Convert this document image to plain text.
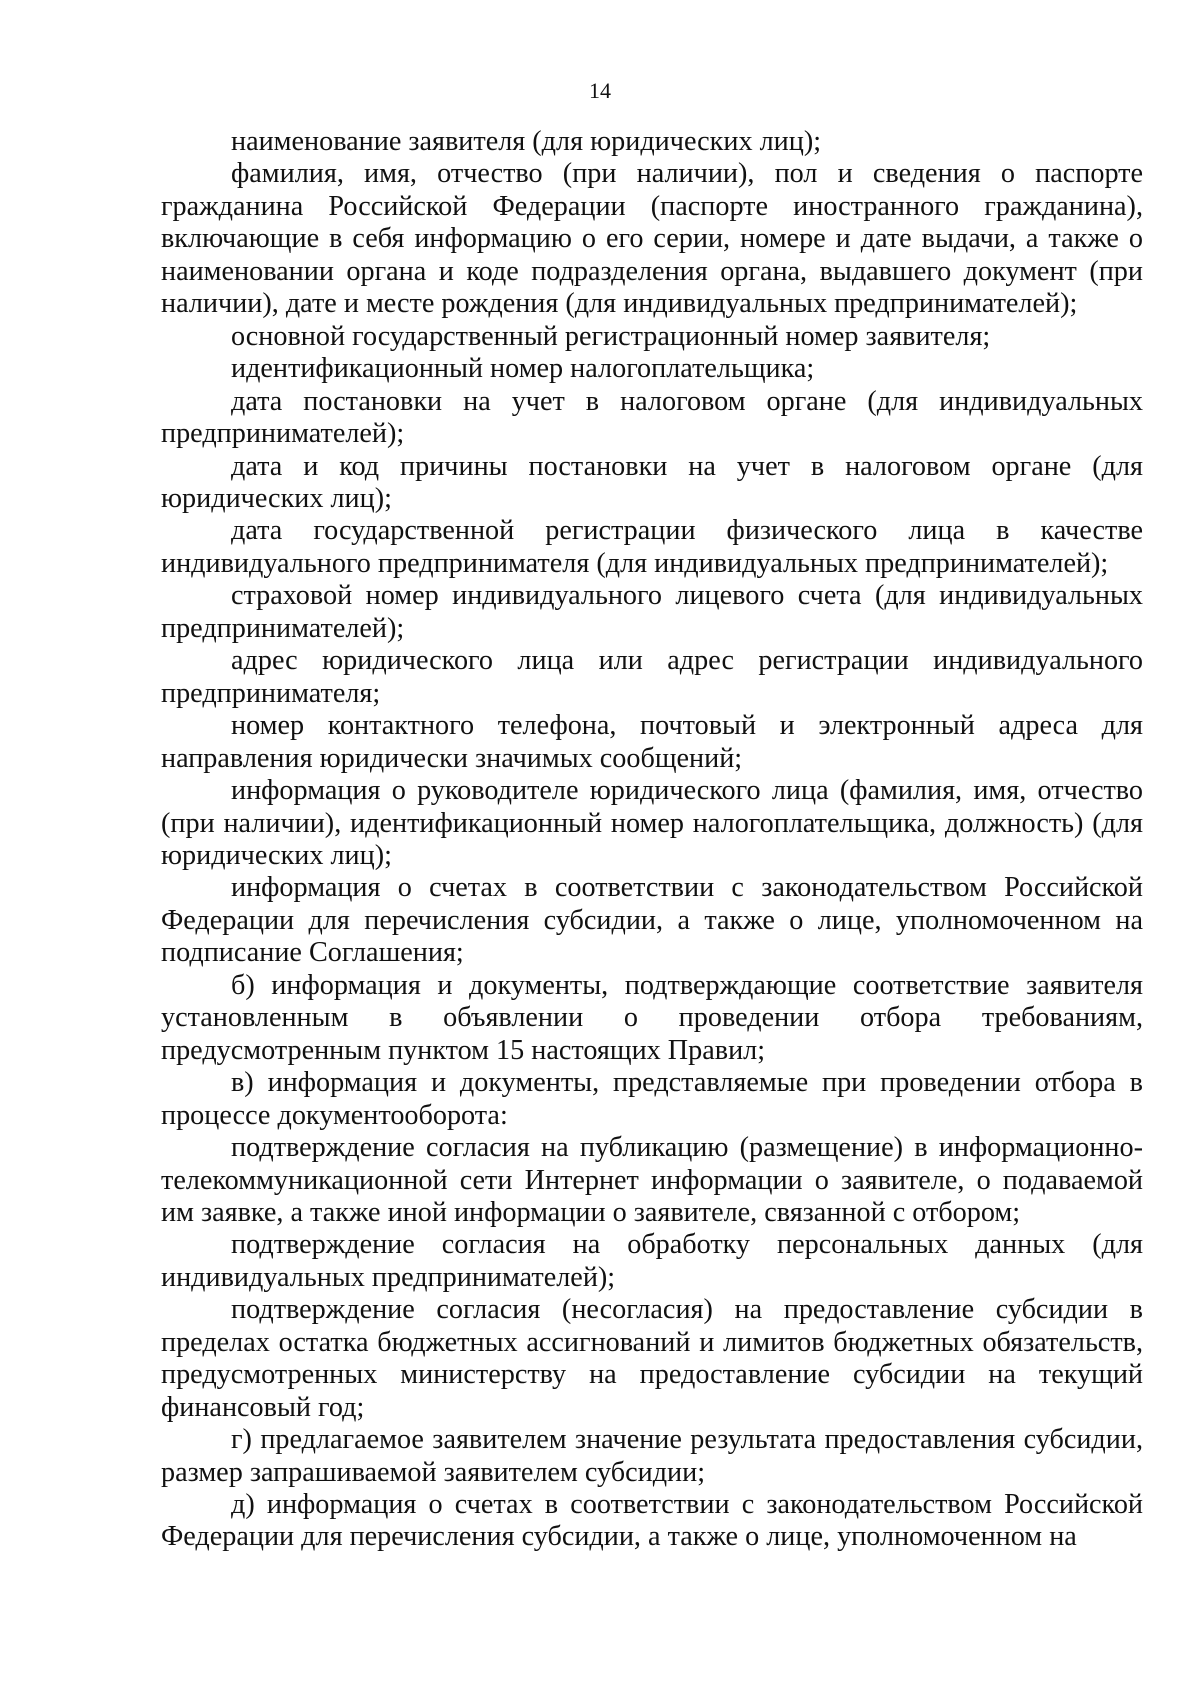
14

наименование заявителя (для юридических лиц);

фамилия, имя, отчество (при наличии), пол и сведения о паспорте гражданина Российской Федерации (паспорте иностранного гражданина), включающие в себя информацию о его серии, номере и дате выдачи, а также о наименовании органа и коде подразделения органа, выдавшего документ (при наличии), дате и месте рождения (для индивидуальных предпринимателей);

основной государственный регистрационный номер заявителя;

идентификационный номер налогоплательщика;

дата постановки на учет в налоговом органе (для индивидуальных предпринимателей);

дата и код причины постановки на учет в налоговом органе (для юридических лиц);

дата государственной регистрации физического лица в качестве индивидуального предпринимателя (для индивидуальных предпринимателей);

страховой номер индивидуального лицевого счета (для индивидуальных предпринимателей);

адрес юридического лица или адрес регистрации индивидуального предпринимателя;

номер контактного телефона, почтовый и электронный адреса для направления юридически значимых сообщений;

информация о руководителе юридического лица (фамилия, имя, отчество (при наличии), идентификационный номер налогоплательщика, должность) (для юридических лиц);

информация о счетах в соответствии с законодательством Российской Федерации для перечисления субсидии, а также о лице, уполномоченном на подписание Соглашения;

б) информация и документы, подтверждающие соответствие заявителя установленным в объявлении о проведении отбора требованиям, предусмотренным пунктом 15 настоящих Правил;

в) информация и документы, представляемые при проведении отбора в процессе документооборота:

подтверждение согласия на публикацию (размещение) в информационно-телекоммуникационной сети Интернет информации о заявителе, о подаваемой им заявке, а также иной информации о заявителе, связанной с отбором;

подтверждение согласия на обработку персональных данных (для индивидуальных предпринимателей);

подтверждение согласия (несогласия) на предоставление субсидии в пределах остатка бюджетных ассигнований и лимитов бюджетных обязательств, предусмотренных министерству на предоставление субсидии на текущий финансовый год;

г) предлагаемое заявителем значение результата предоставления субсидии, размер запрашиваемой заявителем субсидии;

д) информация о счетах в соответствии с законодательством Российской Федерации для перечисления субсидии, а также о лице, уполномоченном на
